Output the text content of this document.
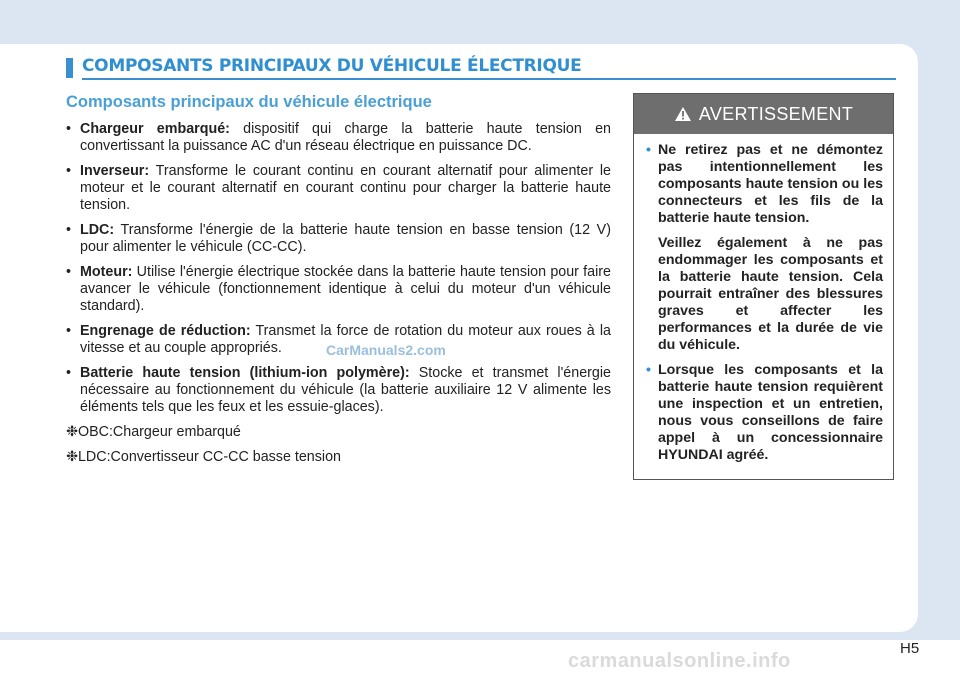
COMPOSANTS PRINCIPAUX DU VÉHICULE ÉLECTRIQUE
Composants principaux du véhicule électrique
• Chargeur embarqué: dispositif qui charge la batterie haute tension en convertissant la puissance AC d'un réseau électrique en puissance DC.
• Inverseur: Transforme le courant continu en courant alternatif pour alimenter le moteur et le courant alternatif en courant continu pour charger la batterie haute tension.
• LDC: Transforme l'énergie de la batterie haute tension en basse tension (12 V) pour alimenter le véhicule (CC-CC).
• Moteur: Utilise l'énergie électrique stockée dans la batterie haute tension pour faire avancer le véhicule (fonctionnement identique à celui du moteur d'un véhicule standard).
• Engrenage de réduction: Transmet la force de rotation du moteur aux roues à la vitesse et au couple appropriés.
• Batterie haute tension (lithium-ion polymère): Stocke et transmet l'énergie nécessaire au fonctionnement du véhicule (la batterie auxiliaire 12 V alimente les éléments tels que les feux et les essuie-glaces).
❉OBC:Chargeur embarqué
❉LDC:Convertisseur CC-CC basse tension
CarManuals2.com
AVERTISSEMENT
• Ne retirez pas et ne démontez pas intentionnellement les composants haute tension ou les connecteurs et les fils de la batterie haute tension.
Veillez également à ne pas endommager les composants et la batterie haute tension. Cela pourrait entraîner des blessures graves et affecter les performances et la durée de vie du véhicule.
• Lorsque les composants et la batterie haute tension requièrent une inspection et un entretien, nous vous conseillons de faire appel à un concessionnaire HYUNDAI agréé.
H5
carmanualsonline.info
